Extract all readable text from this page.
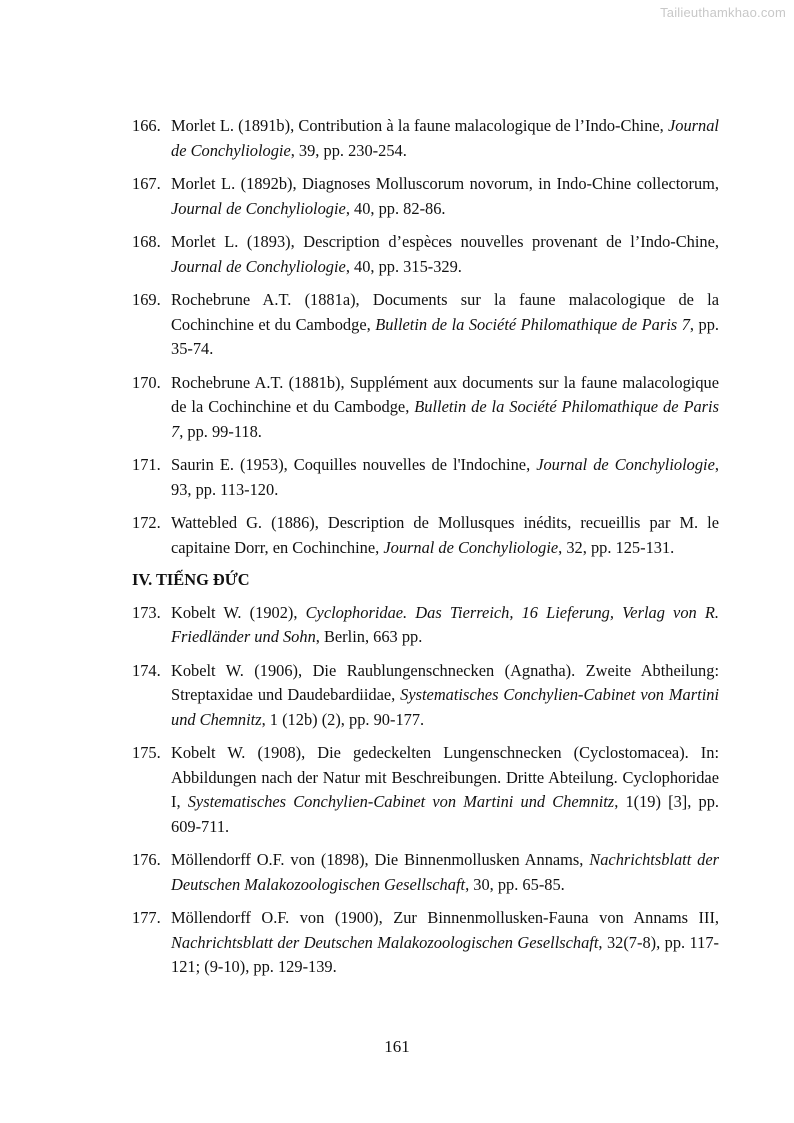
Tailieuthamkhao.com
166. Morlet L. (1891b), Contribution à la faune malacologique de l’Indo-Chine, Journal de Conchyliologie, 39, pp. 230-254.
167. Morlet L. (1892b), Diagnoses Molluscorum novorum, in Indo-Chine collectorum, Journal de Conchyliologie, 40, pp. 82-86.
168. Morlet L. (1893), Description d’espèces nouvelles provenant de l’Indo-Chine, Journal de Conchyliologie, 40, pp. 315-329.
169. Rochebrune A.T. (1881a), Documents sur la faune malacologique de la Cochinchine et du Cambodge, Bulletin de la Société Philomathique de Paris 7, pp. 35-74.
170. Rochebrune A.T. (1881b), Supplément aux documents sur la faune malacologique de la Cochinchine et du Cambodge, Bulletin de la Société Philomathique de Paris 7, pp. 99-118.
171. Saurin E. (1953), Coquilles nouvelles de l'Indochine, Journal de Conchyliologie, 93, pp. 113-120.
172. Wattebled G. (1886), Description de Mollusques inédits, recueillis par M. le capitaine Dorr, en Cochinchine, Journal de Conchyliologie, 32, pp. 125-131.
IV. TIẾNG ĐỨC
173. Kobelt W. (1902), Cyclophoridae. Das Tierreich, 16 Lieferung, Verlag von R. Friedländer und Sohn, Berlin, 663 pp.
174. Kobelt W. (1906), Die Raublungenschnecken (Agnatha). Zweite Abtheilung: Streptaxidae und Daudebardiidae, Systematisches Conchylien-Cabinet von Martini und Chemnitz, 1 (12b) (2), pp. 90-177.
175. Kobelt W. (1908), Die gedeckelten Lungenschnecken (Cyclostomacea). In: Abbildungen nach der Natur mit Beschreibungen. Dritte Abteilung. Cyclophoridae I, Systematisches Conchylien-Cabinet von Martini und Chemnitz, 1(19) [3], pp. 609-711.
176. Möllendorff O.F. von (1898), Die Binnenmollusken Annams, Nachrichtsblatt der Deutschen Malakozoologischen Gesellschaft, 30, pp. 65-85.
177. Möllendorff O.F. von (1900), Zur Binnenmollusken-Fauna von Annams III, Nachrichtsblatt der Deutschen Malakozoologischen Gesellschaft, 32(7-8), pp. 117-121; (9-10), pp. 129-139.
161
